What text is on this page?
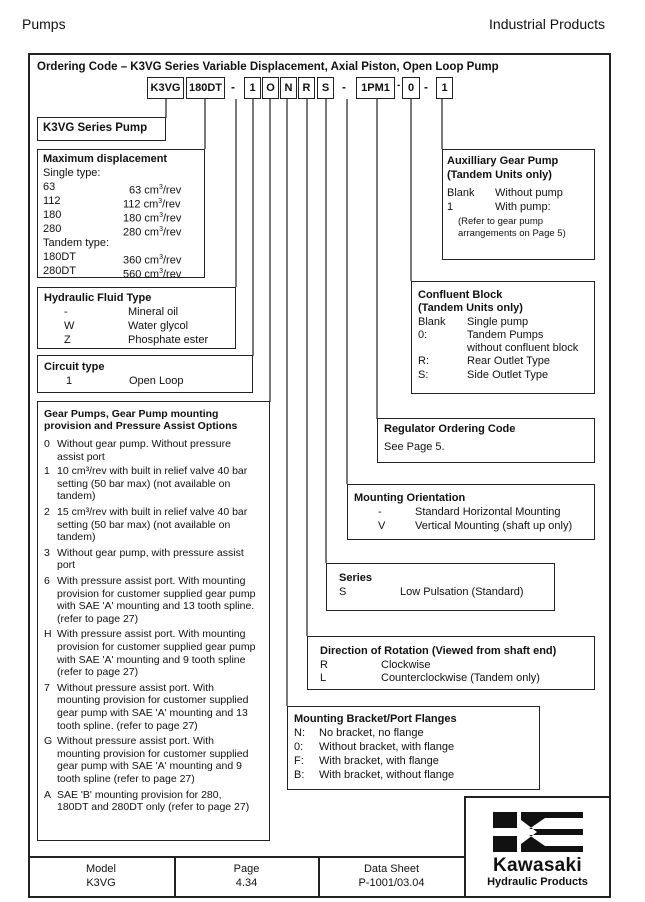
Pumps	Industrial Products
Ordering Code – K3VG Series Variable Displacement, Axial Piston, Open Loop Pump
K3VG 180DT -	1 O N R	S	-	1PM1 - 0 -	1
K3VG Series Pump
Maximum displacement
Single type:
63	63 $cm^3$/rev
112	112 $cm^3$/rev
180	180 $cm^3$/rev
280	280 $cm^3$/rev
Tandem type:
180DT	360 $cm^3$/rev
280DT	560 $cm^3$/rev
Hydraulic Fluid Type
-	Mineral oil
W	Water glycol
Z	Phosphate ester
Circuit type
1	Open Loop
Gear Pumps, Gear Pump mounting
provision and Pressure Assist Options
0 Without gear pump. Without pressure
assist port
1 10 cm³/rev with built in relief valve 40 bar
setting (50 bar max) (not available on
tandem)
2 15 cm³/rev with built in relief valve 40 bar
setting (50 bar max) (not available on
tandem)
3 Without gear pump, with pressure assist
port
6 With pressure assist port. With mounting
provision for customer supplied gear pump
with SAE 'A' mounting and 13 tooth spline.
(refer to page 27)
H With pressure assist port. With mounting
provision for customer supplied gear pump
with SAE 'A' mounting and 9 tooth spline
(refer to page 27)
7 Without pressure assist port. With
mounting provision for customer supplied
gear pump with SAE 'A' mounting and 13
tooth spline. (refer to page 27)
G Without pressure assist port. With
mounting provision for customer supplied
gear pump with SAE 'A' mounting and 9
tooth spline (refer to page 27)
A SAE 'B' mounting provision for 280,
180DT and 280DT only (refer to page 27)
Auxilliary Gear Pump
(Tandem Units only)
Blank Without pump
1	With pump:
(Refer to gear pump
arrangements on Page 5)
Confluent Block
(Tandem Units only)
Blank Single pump
0:	Tandem Pumps
without confluent block
R:	Rear Outlet Type
S:	Side Outlet Type
Regulator Ordering Code
See Page 5.
Mounting Orientation
-	Standard Horizontal Mounting
V	Vertical Mounting (shaft up only)
Series
S	Low Pulsation (Standard)
Direction of Rotation (Viewed from shaft end)
R	Clockwise
L	Counterclockwise (Tandem only)
Mounting Bracket/Port Flanges
N: No bracket, no flange
0: Without bracket, with flange
F: With bracket, with flange
B: With bracket, without flange
Kawasaki
Hydraulic Products
Model
K3VG
Page
4.34
Data Sheet
P-1001/03.04
